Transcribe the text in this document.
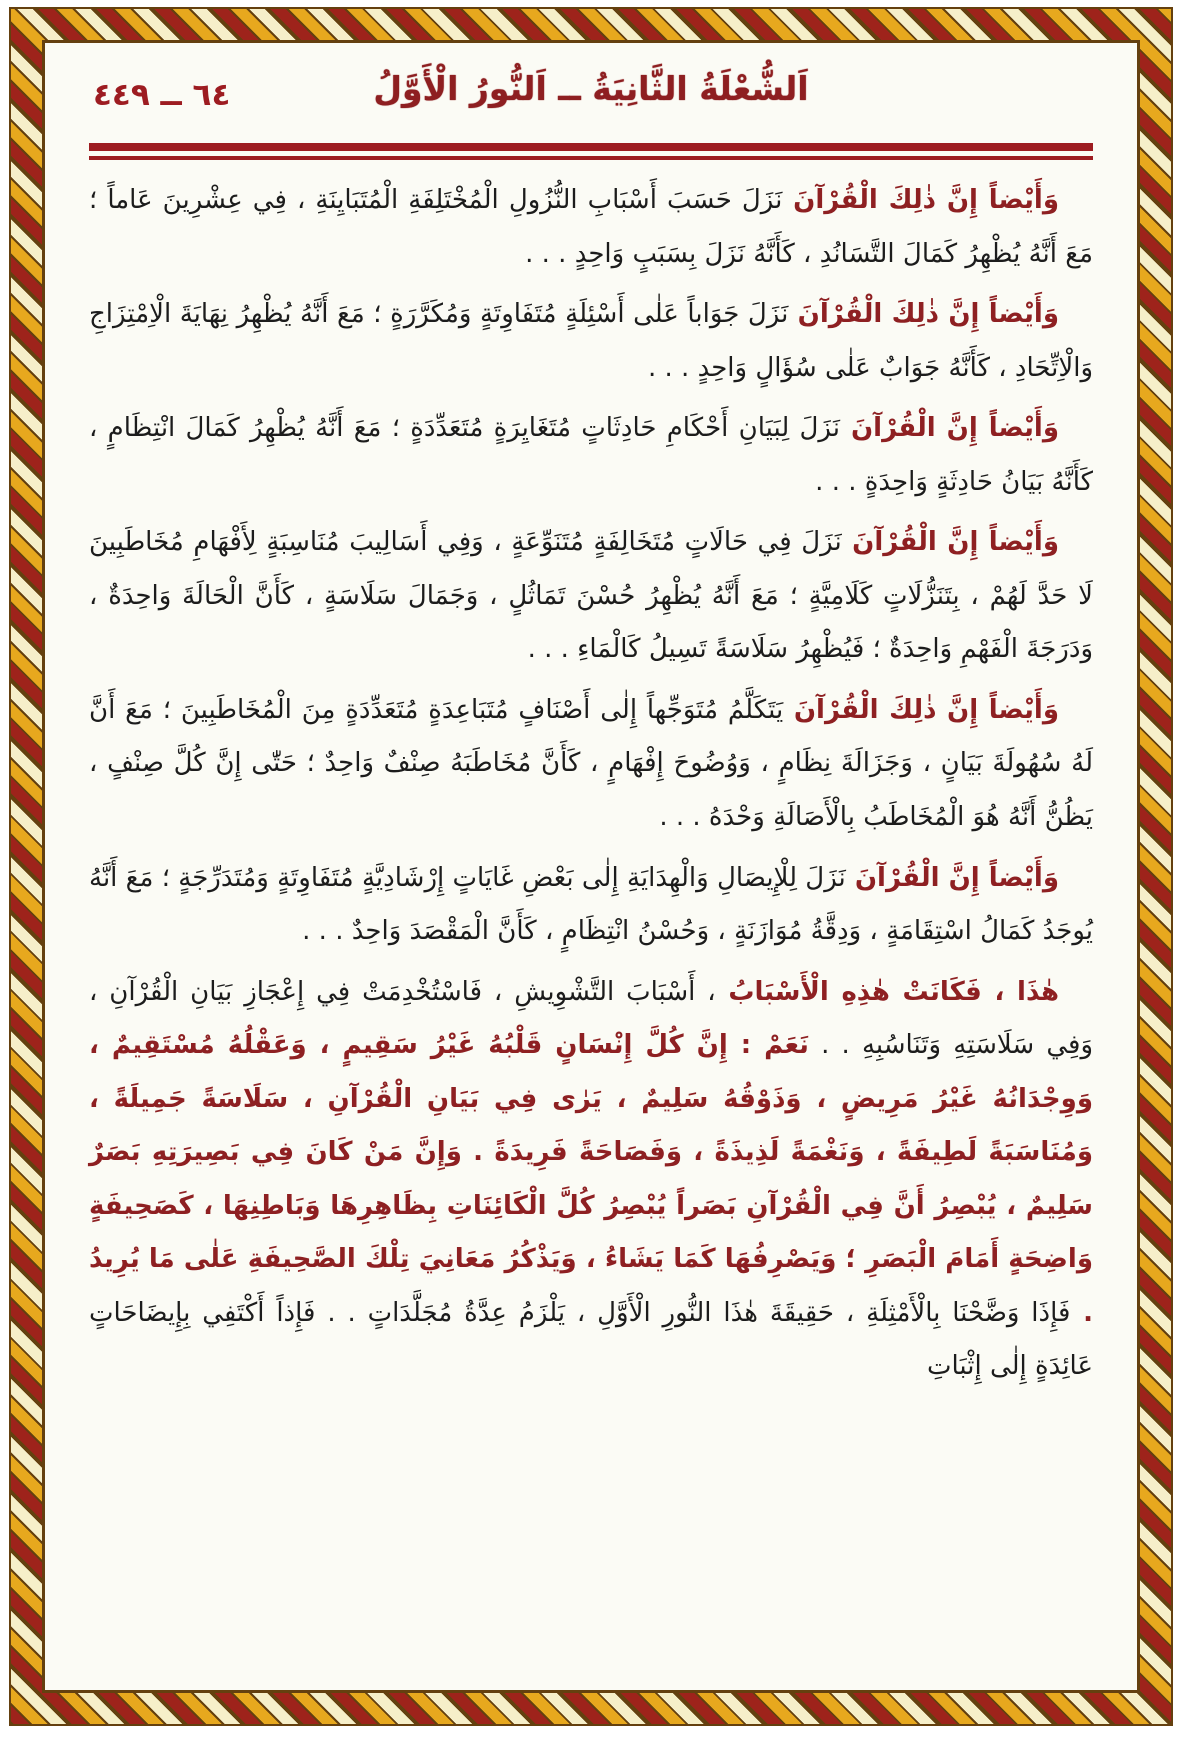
٦٤ ــ ٤٤٩	اَلشُّعْلَةُ الثَّانِيَةُ ــ اَلنُّورُ الْأَوَّلُ

وَأَيْضاً إِنَّ ذٰلِكَ الْقُرْآنَ نَزَلَ حَسَبَ أَسْبَابِ النُّزُولِ الْمُخْتَلِفَةِ الْمُتَبَايِنَةِ ، فِي عِشْرِينَ عَاماً ؛ مَعَ أَنَّهُ يُظْهِرُ كَمَالَ التَّسَانُدِ ، كَأَنَّهُ نَزَلَ بِسَبَبٍ وَاحِدٍ . . .

وَأَيْضاً إِنَّ ذٰلِكَ الْقُرْآنَ نَزَلَ جَوَاباً عَلٰى أَسْئِلَةٍ مُتَفَاوِتَةٍ وَمُكَرَّرَةٍ ؛ مَعَ أَنَّهُ يُظْهِرُ نِهَايَةَ الْاِمْتِزَاجِ وَالْاِتِّحَادِ ، كَأَنَّهُ جَوَابٌ عَلٰى سُؤَالٍ وَاحِدٍ . . .

وَأَيْضاً إِنَّ الْقُرْآنَ نَزَلَ لِبَيَانِ أَحْكَامِ حَادِثَاتٍ مُتَغَايِرَةٍ مُتَعَدِّدَةٍ ؛ مَعَ أَنَّهُ يُظْهِرُ كَمَالَ انْتِظَامٍ ، كَأَنَّهُ بَيَانُ حَادِثَةٍ وَاحِدَةٍ . . .

وَأَيْضاً إِنَّ الْقُرْآنَ نَزَلَ فِي حَالَاتٍ مُتَخَالِفَةٍ مُتَنَوِّعَةٍ ، وَفِي أَسَالِيبَ مُنَاسِبَةٍ لِأَفْهَامِ مُخَاطَبِينَ لَا حَدَّ لَهُمْ ، بِتَنَزُّلَاتٍ كَلَامِيَّةٍ ؛ مَعَ أَنَّهُ يُظْهِرُ حُسْنَ تَمَاثُلٍ ، وَجَمَالَ سَلَاسَةٍ ، كَأَنَّ الْحَالَةَ وَاحِدَةٌ ، وَدَرَجَةَ الْفَهْمِ وَاحِدَةٌ ؛ فَيُظْهِرُ سَلَاسَةً تَسِيلُ كَالْمَاءِ . . .

وَأَيْضاً إِنَّ ذٰلِكَ الْقُرْآنَ يَتَكَلَّمُ مُتَوَجِّهاً إِلٰى أَصْنَافٍ مُتَبَاعِدَةٍ مُتَعَدِّدَةٍ مِنَ الْمُخَاطَبِينَ ؛ مَعَ أَنَّ لَهُ سُهُولَةَ بَيَانٍ ، وَجَزَالَةَ نِظَامٍ ، وَوُضُوحَ إِفْهَامٍ ، كَأَنَّ مُخَاطَبَهُ صِنْفٌ وَاحِدٌ ؛ حَتّٰى إِنَّ كُلَّ صِنْفٍ ، يَظُنُّ أَنَّهُ هُوَ الْمُخَاطَبُ بِالْأَصَالَةِ وَحْدَهُ . . .

وَأَيْضاً إِنَّ الْقُرْآنَ نَزَلَ لِلْإِيصَالِ وَالْهِدَايَةِ إِلٰى بَعْضِ غَايَاتٍ إِرْشَادِيَّةٍ مُتَفَاوِتَةٍ وَمُتَدَرِّجَةٍ ؛ مَعَ أَنَّهُ يُوجَدُ كَمَالُ اسْتِقَامَةٍ ، وَدِقَّةُ مُوَازَنَةٍ ، وَحُسْنُ انْتِظَامٍ ، كَأَنَّ الْمَقْصَدَ وَاحِدٌ . . .

هٰذَا ، فَكَانَتْ هٰذِهِ الْأَسْبَابُ ، أَسْبَابَ التَّشْوِيشِ ، فَاسْتُخْدِمَتْ فِي إِعْجَازِ بَيَانِ الْقُرْآنِ ، وَفِي سَلَاسَتِهِ وَتَنَاسُبِهِ . . نَعَمْ : إِنَّ كُلَّ إِنْسَانٍ قَلْبُهُ غَيْرُ سَقِيمٍ ، وَعَقْلُهُ مُسْتَقِيمٌ ، وَوِجْدَانُهُ غَيْرُ مَرِيضٍ ، وَذَوْقُهُ سَلِيمٌ ، يَرٰى فِي بَيَانِ الْقُرْآنِ ، سَلَاسَةً جَمِيلَةً ، وَمُنَاسَبَةً لَطِيفَةً ، وَنَغْمَةً لَذِيذَةً ، وَفَصَاحَةً فَرِيدَةً . وَإِنَّ مَنْ كَانَ فِي بَصِيرَتِهِ بَصَرٌ سَلِيمٌ ، يُبْصِرُ أَنَّ فِي الْقُرْآنِ بَصَراً يُبْصِرُ كُلَّ الْكَائِنَاتِ بِظَاهِرِهَا وَبَاطِنِهَا ، كَصَحِيفَةٍ وَاضِحَةٍ أَمَامَ الْبَصَرِ ؛ وَيَصْرِفُهَا كَمَا يَشَاءُ ، وَيَذْكُرُ مَعَانِيَ تِلْكَ الصَّحِيفَةِ عَلٰى مَا يُرِيدُ . فَإِذَا وَضَّحْنَا بِالْأَمْثِلَةِ ، حَقِيقَةَ هٰذَا النُّورِ الْأَوَّلِ ، يَلْزَمُ عِدَّةُ مُجَلَّدَاتٍ . . فَإِذاً أَكْتَفِي بِإِيضَاحَاتٍ عَائِدَةٍ إِلٰى إِثْبَاتِ
